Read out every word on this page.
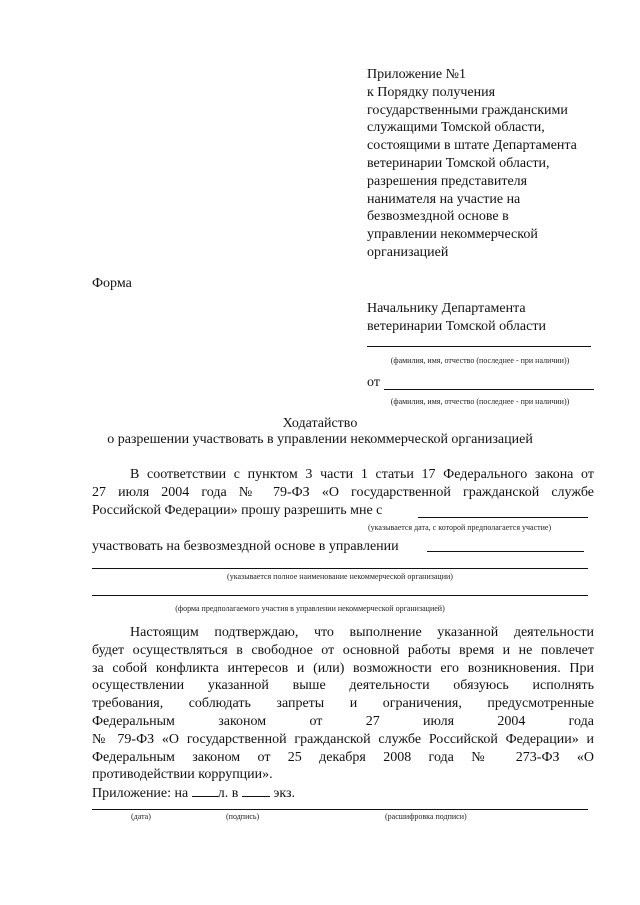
Приложение №1
к Порядку получения
государственными гражданскими
служащими Томской области,
состоящими в штате Департамента
ветеринарии Томской области,
разрешения представителя
нанимателя на участие на
безвозмездной основе в
управлении некоммерческой
организацией
Форма
Начальнику Департамента
ветеринарии Томской области
(фамилия, имя, отчество (последнее - при наличии))
от
(фамилия, имя, отчество (последнее - при наличии))
Ходатайство
о разрешении участвовать в управлении некоммерческой организацией
В соответствии с пунктом 3 части 1 статьи 17 Федерального закона от
27 июля 2004 года № 79-ФЗ «О государственной гражданской службе
Российской Федерации» прошу разрешить мне с
(указывается дата, с которой предполагается участие)
участвовать на безвозмездной основе в управлении
(указывается полное наименование некоммерческой организации)
(форма предполагаемого участия в управлении некоммерческой организацией)
Настоящим подтверждаю, что выполнение указанной деятельности
будет осуществляться в свободное от основной работы время и не повлечет
за собой конфликта интересов и (или) возможности его возникновения. При
осуществлении указанной выше деятельности обязуюсь исполнять
требования, соблюдать запреты и ограничения, предусмотренные
Федеральным законом от 27 июля 2004 года
№ 79-ФЗ «О государственной гражданской службе Российской Федерации» и
Федеральным законом от 25 декабря 2008 года № 273-ФЗ «О
противодействии коррупции».
Приложение: на л. в	экз.
(дата)	(подпись)	(расшифровка подписи)
